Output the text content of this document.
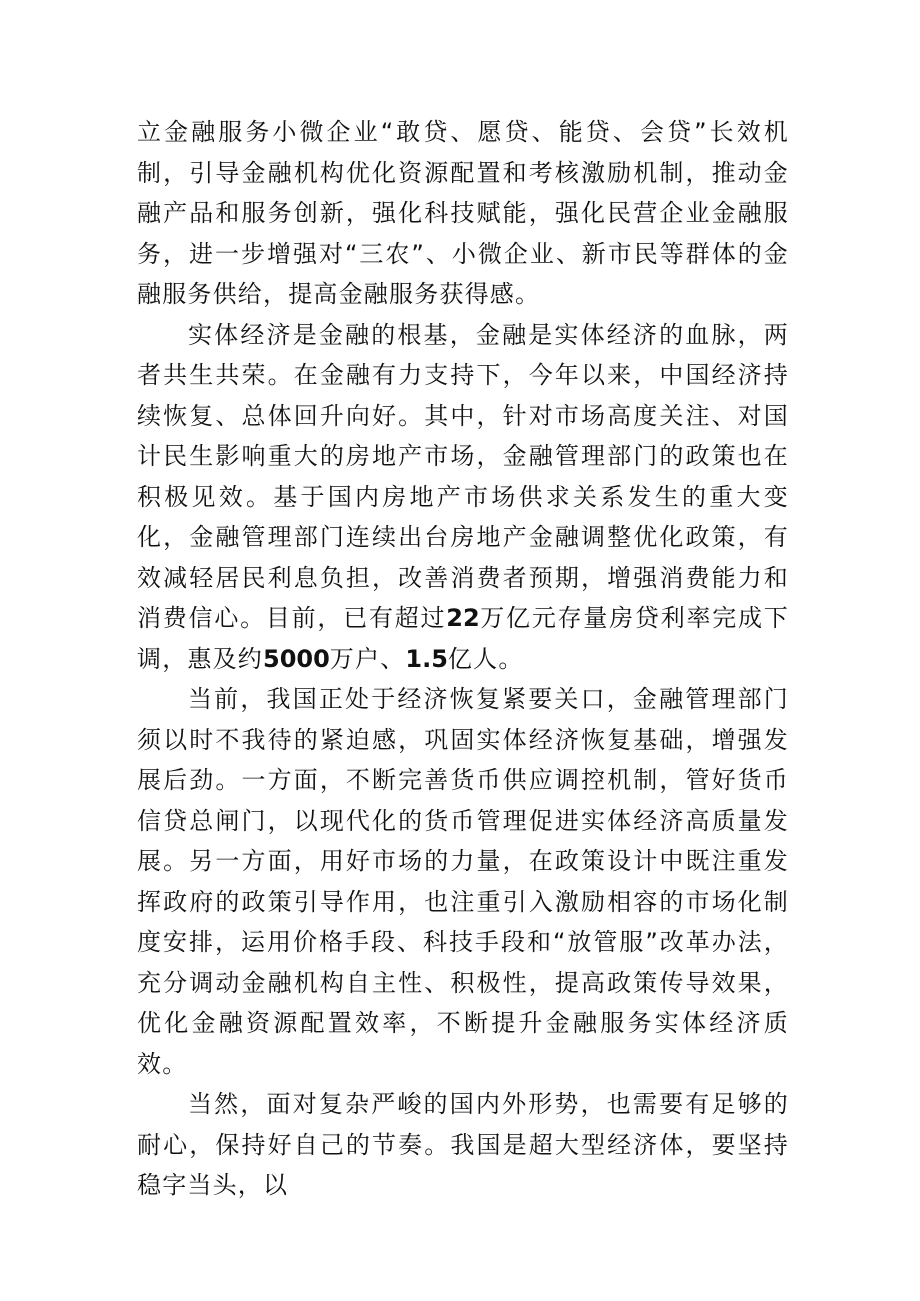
立金融服务小微企业“敢贷、愿贷、能贷、会贷”长效机制，引导金融机构优化资源配置和考核激励机制，推动金融产品和服务创新，强化科技赋能，强化民营企业金融服务，进一步增强对“三农”、小微企业、新市民等群体的金融服务供给，提高金融服务获得感。

实体经济是金融的根基，金融是实体经济的血脉，两者共生共荣。在金融有力支持下，今年以来，中国经济持续恢复、总体回升向好。其中，针对市场高度关注、对国计民生影响重大的房地产市场，金融管理部门的政策也在积极见效。基于国内房地产市场供求关系发生的重大变化，金融管理部门连续出台房地产金融调整优化政策，有效减轻居民利息负担，改善消费者预期，增强消费能力和消费信心。目前，已有超过22万亿元存量房贷利率完成下调，惠及约5000万户、1.5亿人。

当前，我国正处于经济恢复紧要关口，金融管理部门须以时不我待的紧迫感，巩固实体经济恢复基础，增强发展后劲。一方面，不断完善货币供应调控机制，管好货币信贷总闸门，以现代化的货币管理促进实体经济高质量发展。另一方面，用好市场的力量，在政策设计中既注重发挥政府的政策引导作用，也注重引入激励相容的市场化制度安排，运用价格手段、科技手段和“放管服”改革办法，充分调动金融机构自主性、积极性，提高政策传导效果，优化金融资源配置效率，不断提升金融服务实体经济质效。

当然，面对复杂严峻的国内外形势，也需要有足够的耐心，保持好自己的节奏。我国是超大型经济体，要坚持稳字当头，以
